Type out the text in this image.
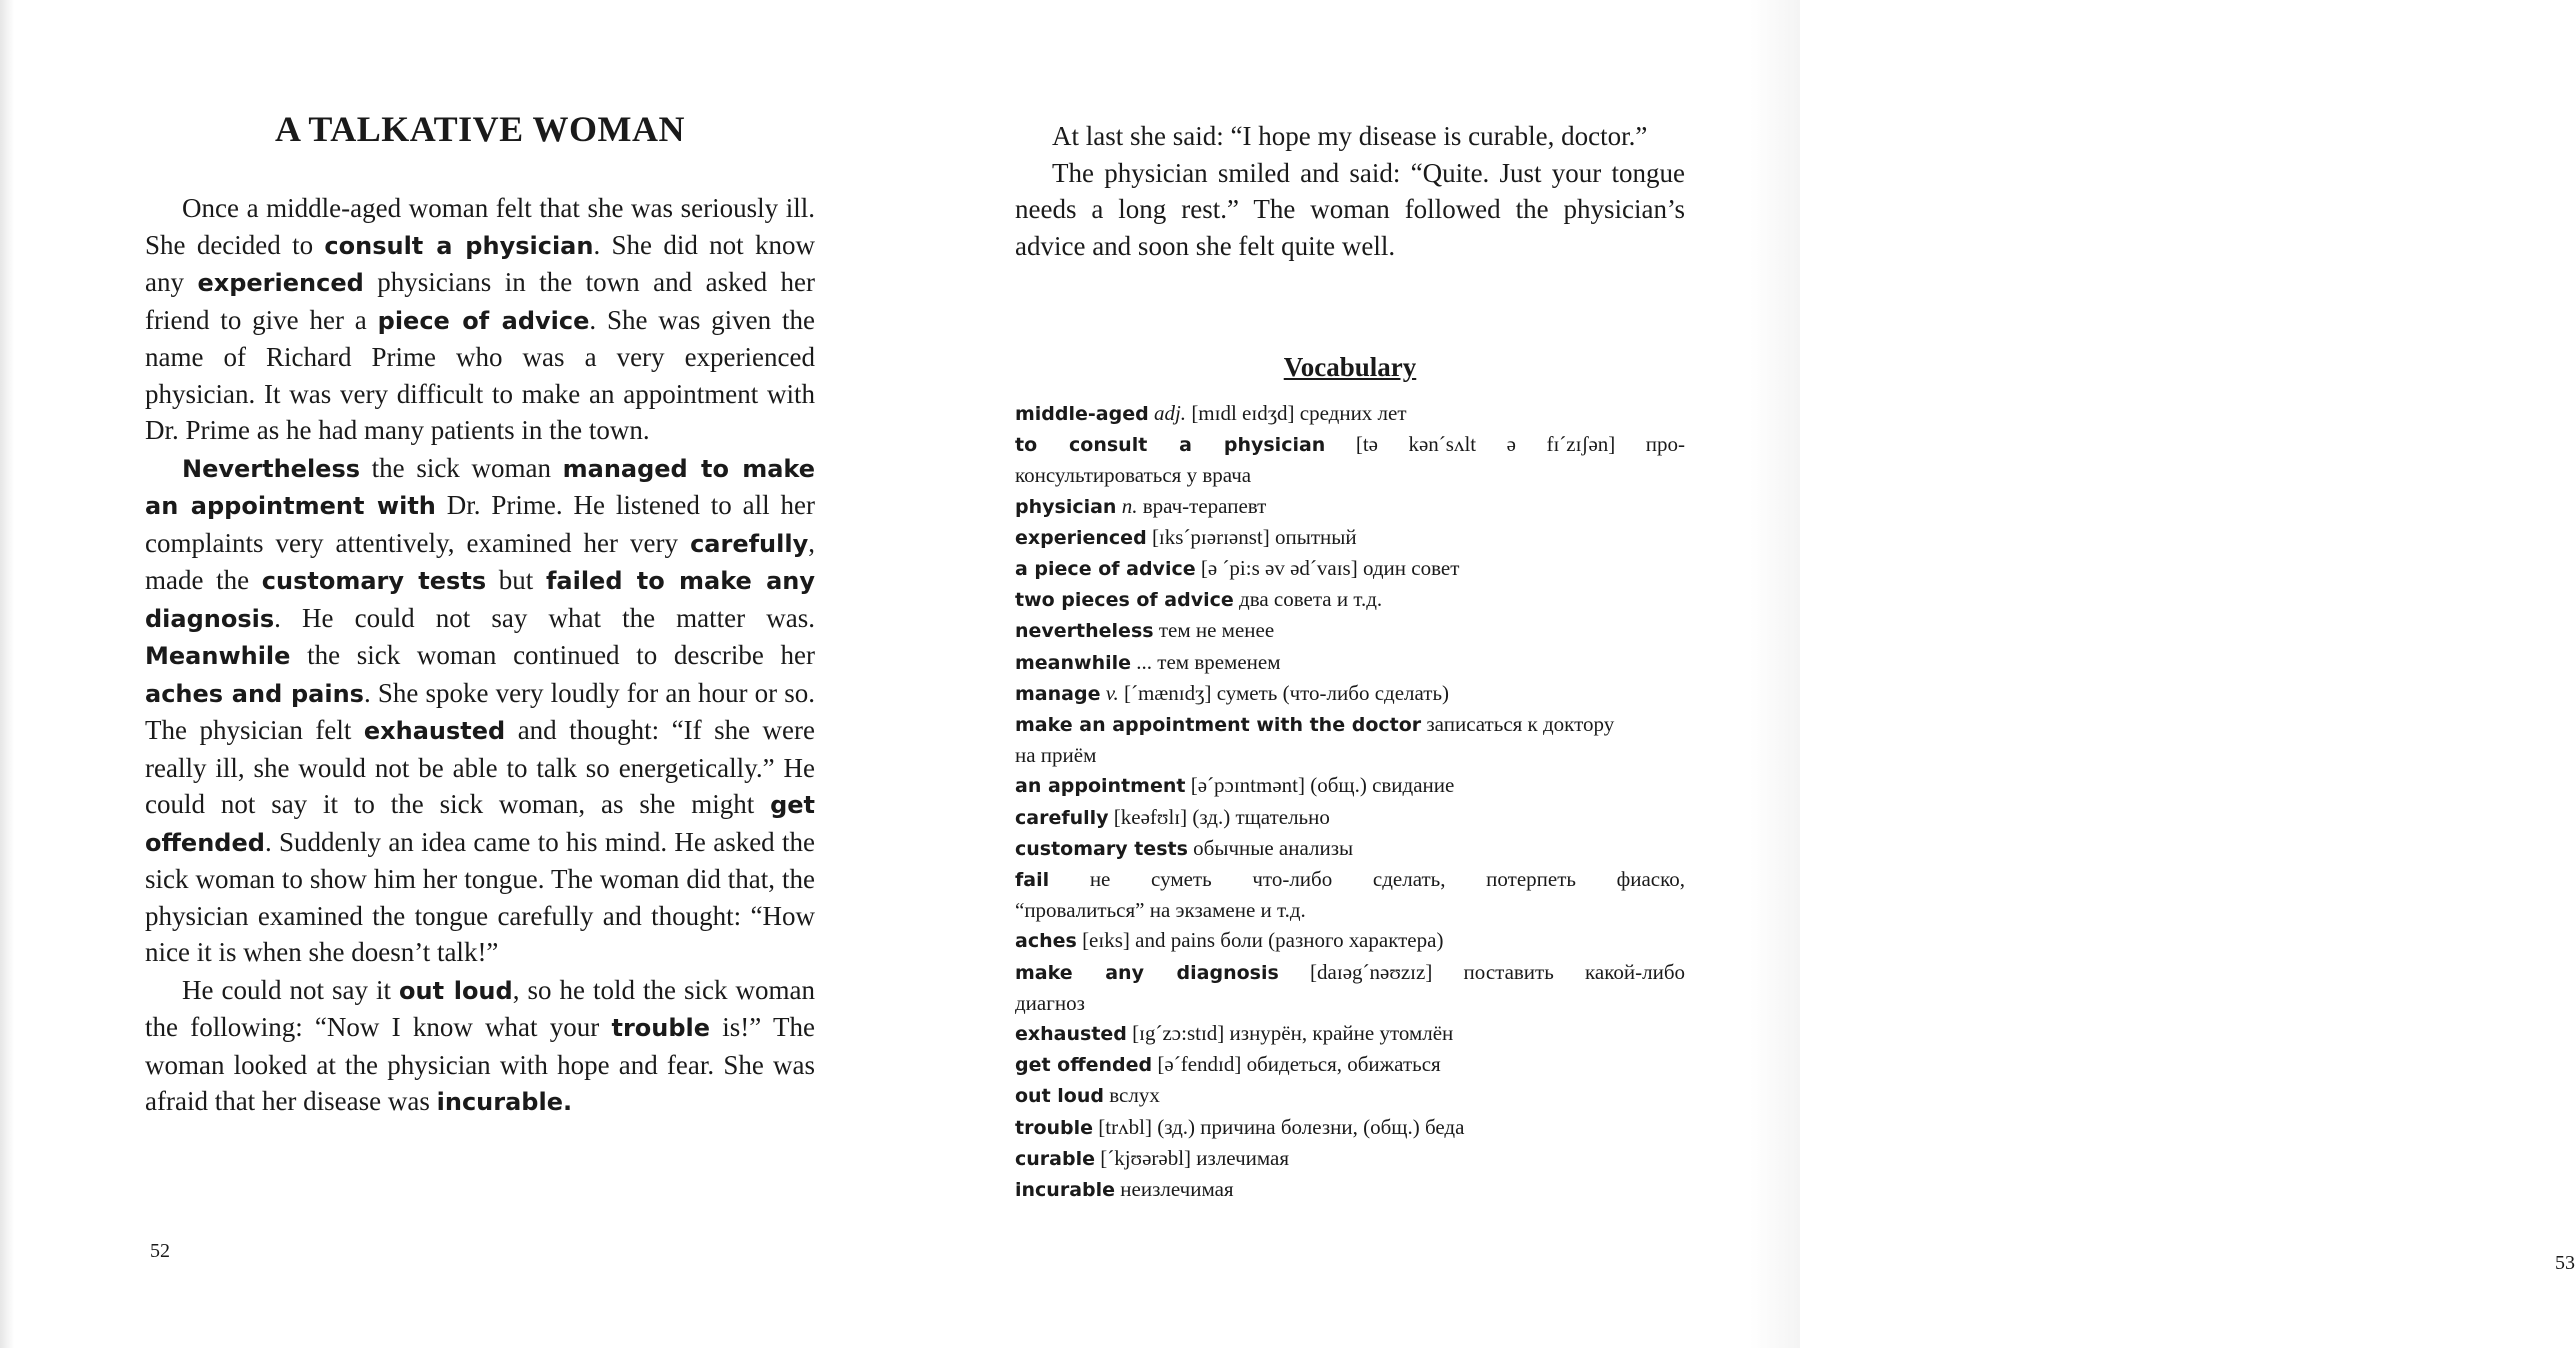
A TALKATIVE WOMAN

Once a middle-aged woman felt that she was seriously ill. She decided to consult a physician. She did not know any experienced physicians in the town and asked her friend to give her a piece of advice. She was given the name of Richard Prime who was a very experienced physician. It was very difficult to make an appointment with Dr. Prime as he had many patients in the town.

Nevertheless the sick woman managed to make an appointment with Dr. Prime. He listened to all her complaints very attentively, examined her very carefully, made the customary tests but failed to make any diagnosis. He could not say what the matter was. Meanwhile the sick woman continued to describe her aches and pains. She spoke very loudly for an hour or so. The physician felt exhausted and thought: “If she were really ill, she would not be able to talk so energetically.” He could not say it to the sick woman, as she might get offended. Suddenly an idea came to his mind. He asked the sick woman to show him her tongue. The woman did that, the physician examined the tongue carefully and thought: “How nice it is when she doesn’t talk!”

He could not say it out loud, so he told the sick woman the following: “Now I know what your trouble is!” The woman looked at the physician with hope and fear. She was afraid that her disease was incurable.

52

At last she said: “I hope my disease is curable, doctor.”

The physician smiled and said: “Quite. Just your tongue needs a long rest.” The woman followed the physician’s advice and soon she felt quite well.

Vocabulary
middle-aged adj. [mɪdl eɪdʒd] средних лет
to consult a physician [tə kən´sʌlt ə fɪ´zɪʃən] про-
консультироваться у врача
physician n. врач-терапевт
experienced [ɪks´pɪərɪənst] опытный
a piece of advice [ə ´pi:s əv əd´vaɪs] один совет
two pieces of advice два совета и т.д.
nevertheless тем не менее
meanwhile ... тем временем
manage v. [´mænɪdʒ] суметь (что-либо сделать)
make an appointment with the doctor записаться к доктору
на приём
an appointment [ə´pɔɪntmənt] (общ.) свидание
carefully [keəfʊlɪ] (зд.) тщательно
customary tests обычные анализы
fail не суметь что-либо сделать, потерпеть фиаско,
“провалиться” на экзамене и т.д.
aches [eɪks] and pains боли (разного характера)
make any diagnosis [daɪəg´nəʊzɪz] поставить какой-либо
диагноз
exhausted [ɪg´zɔ:stɪd] изнурён, крайне утомлён
get offended [ə´fendɪd] обидеться, обижаться
out loud вслух
trouble [trʌbl] (зд.) причина болезни, (общ.) беда
curable [´kjʊərəbl] излечимая
incurable неизлечимая
53
